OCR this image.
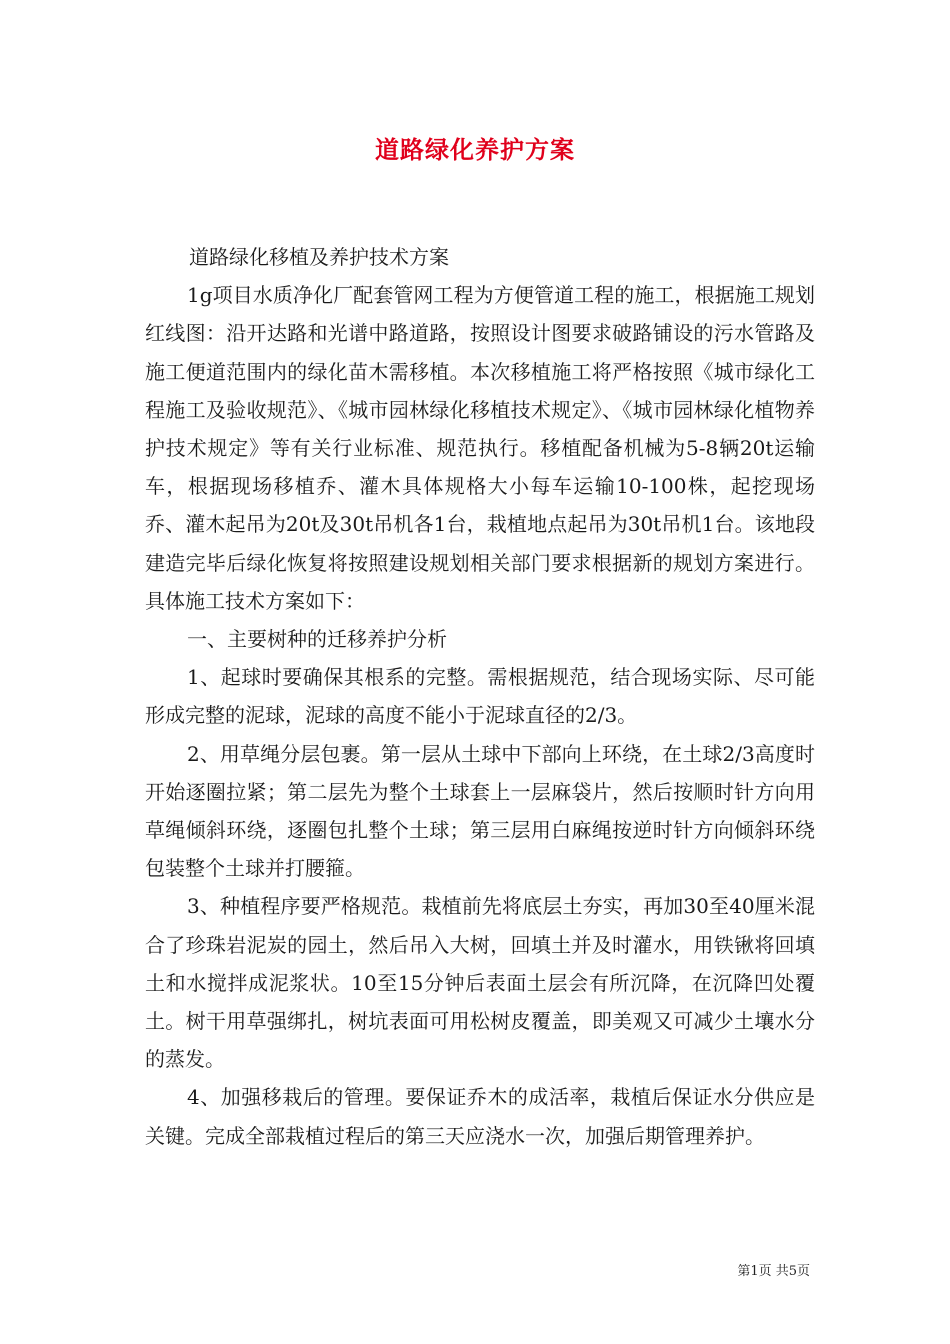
道路绿化养护方案

道路绿化移植及养护技术方案

1g项目水质净化厂配套管网工程为方便管道工程的施工，根据施工规划红线图：沿开达路和光谱中路道路，按照设计图要求破路铺设的污水管路及施工便道范围内的绿化苗木需移植。本次移植施工将严格按照《城市绿化工程施工及验收规范》、《城市园林绿化移植技术规定》、《城市园林绿化植物养护技术规定》等有关行业标准、规范执行。移植配备机械为5-8辆20t运输车，根据现场移植乔、灌木具体规格大小每车运输10-100株，起挖现场乔、灌木起吊为20t及30t吊机各1台，栽植地点起吊为30t吊机1台。该地段建造完毕后绿化恢复将按照建设规划相关部门要求根据新的规划方案进行。具体施工技术方案如下：

一、主要树种的迁移养护分析

1、起球时要确保其根系的完整。需根据规范，结合现场实际、尽可能形成完整的泥球，泥球的高度不能小于泥球直径的2/3。

2、用草绳分层包裹。第一层从土球中下部向上环绕，在土球2/3高度时开始逐圈拉紧；第二层先为整个土球套上一层麻袋片，然后按顺时针方向用草绳倾斜环绕，逐圈包扎整个土球；第三层用白麻绳按逆时针方向倾斜环绕包装整个土球并打腰箍。

3、种植程序要严格规范。栽植前先将底层土夯实，再加30至40厘米混合了珍珠岩泥炭的园土，然后吊入大树，回填土并及时灌水，用铁锹将回填土和水搅拌成泥浆状。10至15分钟后表面土层会有所沉降，在沉降凹处覆土。树干用草强绑扎，树坑表面可用松树皮覆盖，即美观又可减少土壤水分的蒸发。

4、加强移栽后的管理。要保证乔木的成活率，栽植后保证水分供应是关键。完成全部栽植过程后的第三天应浇水一次，加强后期管理养护。

第1页 共5页
